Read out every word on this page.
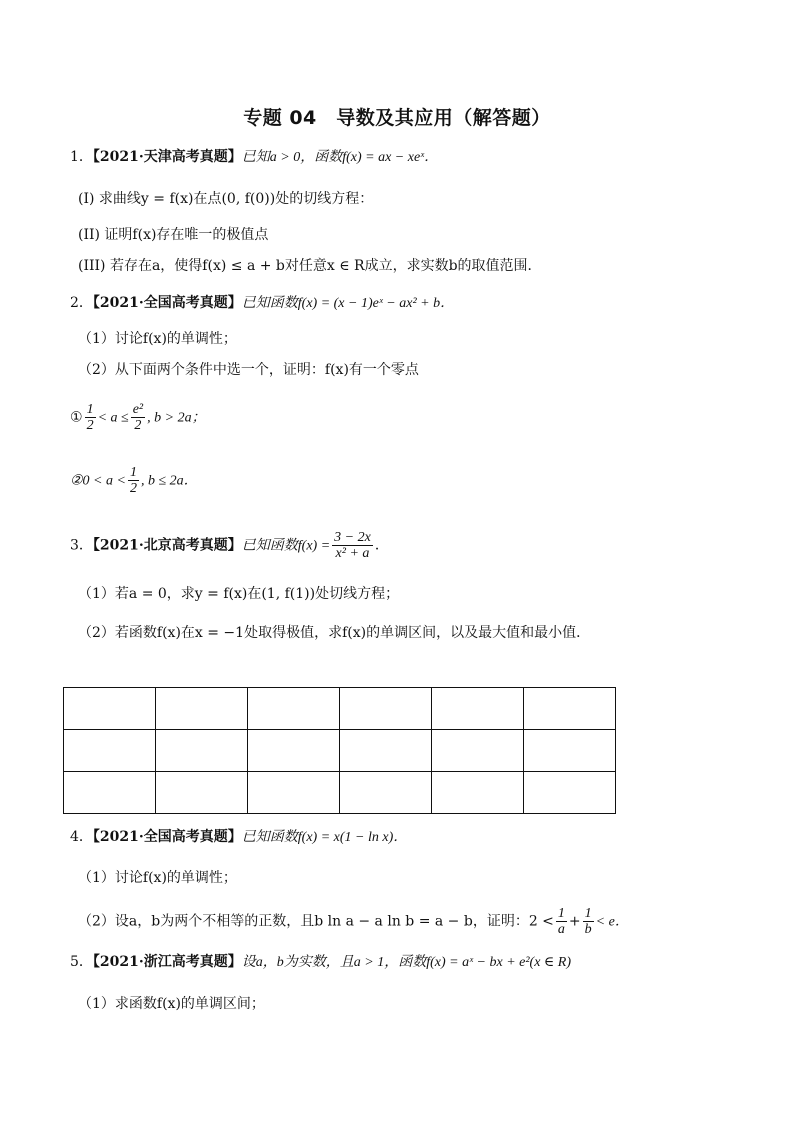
专题 04　导数及其应用（解答题）
1．【2021·天津高考真题】已知a > 0，函数f(x) = ax − xeˣ．
(I) 求曲线y = f(x)在点(0, f(0))处的切线方程：
(II) 证明f(x)存在唯一的极值点
(III) 若存在a，使得f(x) ≤ a + b对任意x ∈ R成立，求实数b的取值范围．
2．【2021·全国高考真题】已知函数f(x) = (x − 1)eˣ − ax² + b．
（1）讨论f(x)的单调性；
（2）从下面两个条件中选一个，证明：f(x)有一个零点
① $\frac{1}{2} < a \le \frac{\text{e²}}{2}$ , b > 2a；
②0 < $a < \frac{1}{2}$ , b ≤ 2a．
3．【2021·北京高考真题】已知函数$f(x) = \frac{3 - 2x}{\text{x² + a}}$ ．
（1）若a = 0，求y = f(x)在(1, f(1))处切线方程；
（2）若函数f(x)在x = −1处取得极值，求f(x)的单调区间，以及最大值和最小值．

4．【2021·全国高考真题】已知函数f(x) = x(1 − ln x)．
（1）讨论f(x)的单调性；
（2）设a，b为两个不相等的正数，且b ln a − a ln b = a − b，证明：$2 < \frac{1}{a} + \frac{1}{b} < e$．
5．【2021·浙江高考真题】设a，b为实数，且a > 1，函数f(x) = aˣ − bx + e²(x ∈ R)
（1）求函数f(x)的单调区间；
